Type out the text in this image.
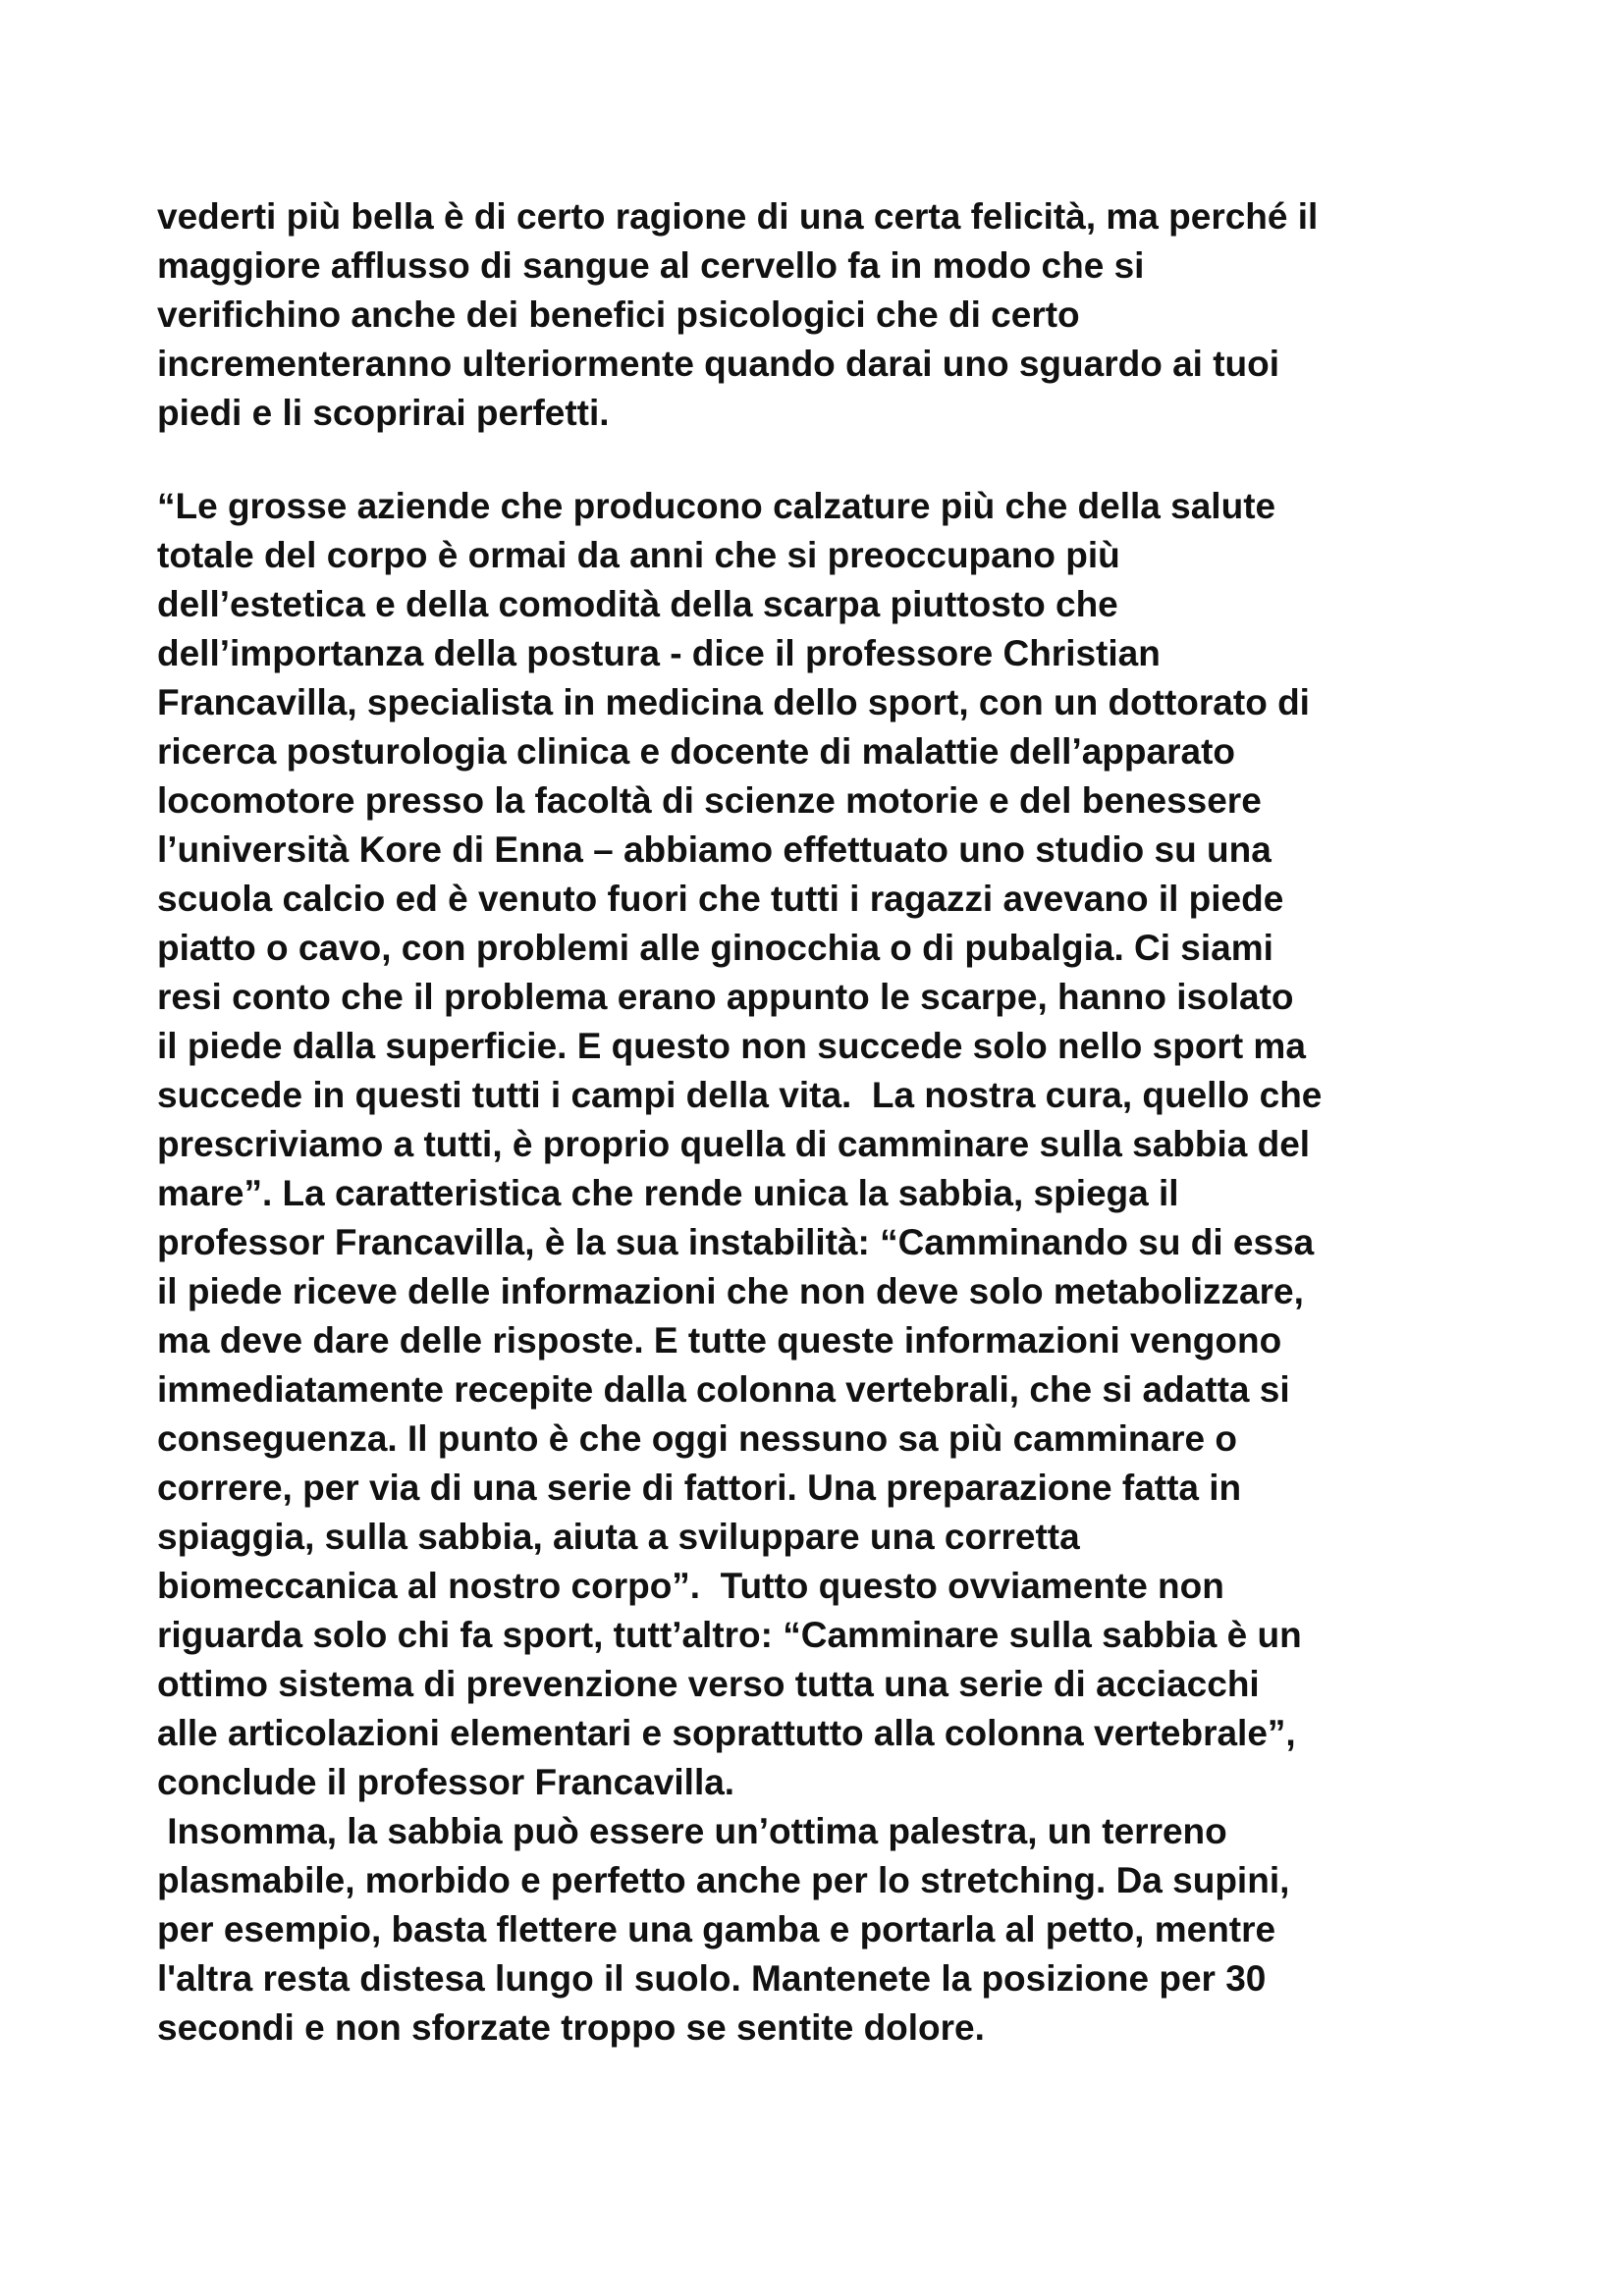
vederti più bella è di certo ragione di una certa felicità, ma perché il
maggiore afflusso di sangue al cervello fa in modo che si
verifichino anche dei benefici psicologici che di certo
incrementeranno ulteriormente quando darai uno sguardo ai tuoi
piedi e li scoprirai perfetti.
“Le grosse aziende che producono calzature più che della salute
totale del corpo è ormai da anni che si preoccupano più
dell’estetica e della comodità della scarpa piuttosto che
dell’importanza della postura - dice il professore Christian
Francavilla, specialista in medicina dello sport, con un dottorato di
ricerca posturologia clinica e docente di malattie dell’apparato
locomotore presso la facoltà di scienze motorie e del benessere
l’università Kore di Enna – abbiamo effettuato uno studio su una
scuola calcio ed è venuto fuori che tutti i ragazzi avevano il piede
piatto o cavo, con problemi alle ginocchia o di pubalgia. Ci siami
resi conto che il problema erano appunto le scarpe, hanno isolato
il piede dalla superficie. E questo non succede solo nello sport ma
succede in questi tutti i campi della vita.  La nostra cura, quello che
prescriviamo a tutti, è proprio quella di camminare sulla sabbia del
mare”. La caratteristica che rende unica la sabbia, spiega il
professor Francavilla, è la sua instabilità: “Camminando su di essa
il piede riceve delle informazioni che non deve solo metabolizzare,
ma deve dare delle risposte. E tutte queste informazioni vengono
immediatamente recepite dalla colonna vertebrali, che si adatta si
conseguenza. Il punto è che oggi nessuno sa più camminare o
correre, per via di una serie di fattori. Una preparazione fatta in
spiaggia, sulla sabbia, aiuta a sviluppare una corretta
biomeccanica al nostro corpo”.  Tutto questo ovviamente non
riguarda solo chi fa sport, tutt’altro: “Camminare sulla sabbia è un
ottimo sistema di prevenzione verso tutta una serie di acciacchi
alle articolazioni elementari e soprattutto alla colonna vertebrale”,
conclude il professor Francavilla.
Insomma, la sabbia può essere un’ottima palestra, un terreno
plasmabile, morbido e perfetto anche per lo stretching. Da supini,
per esempio, basta flettere una gamba e portarla al petto, mentre
l'altra resta distesa lungo il suolo. Mantenete la posizione per 30
secondi e non sforzate troppo se sentite dolore.
